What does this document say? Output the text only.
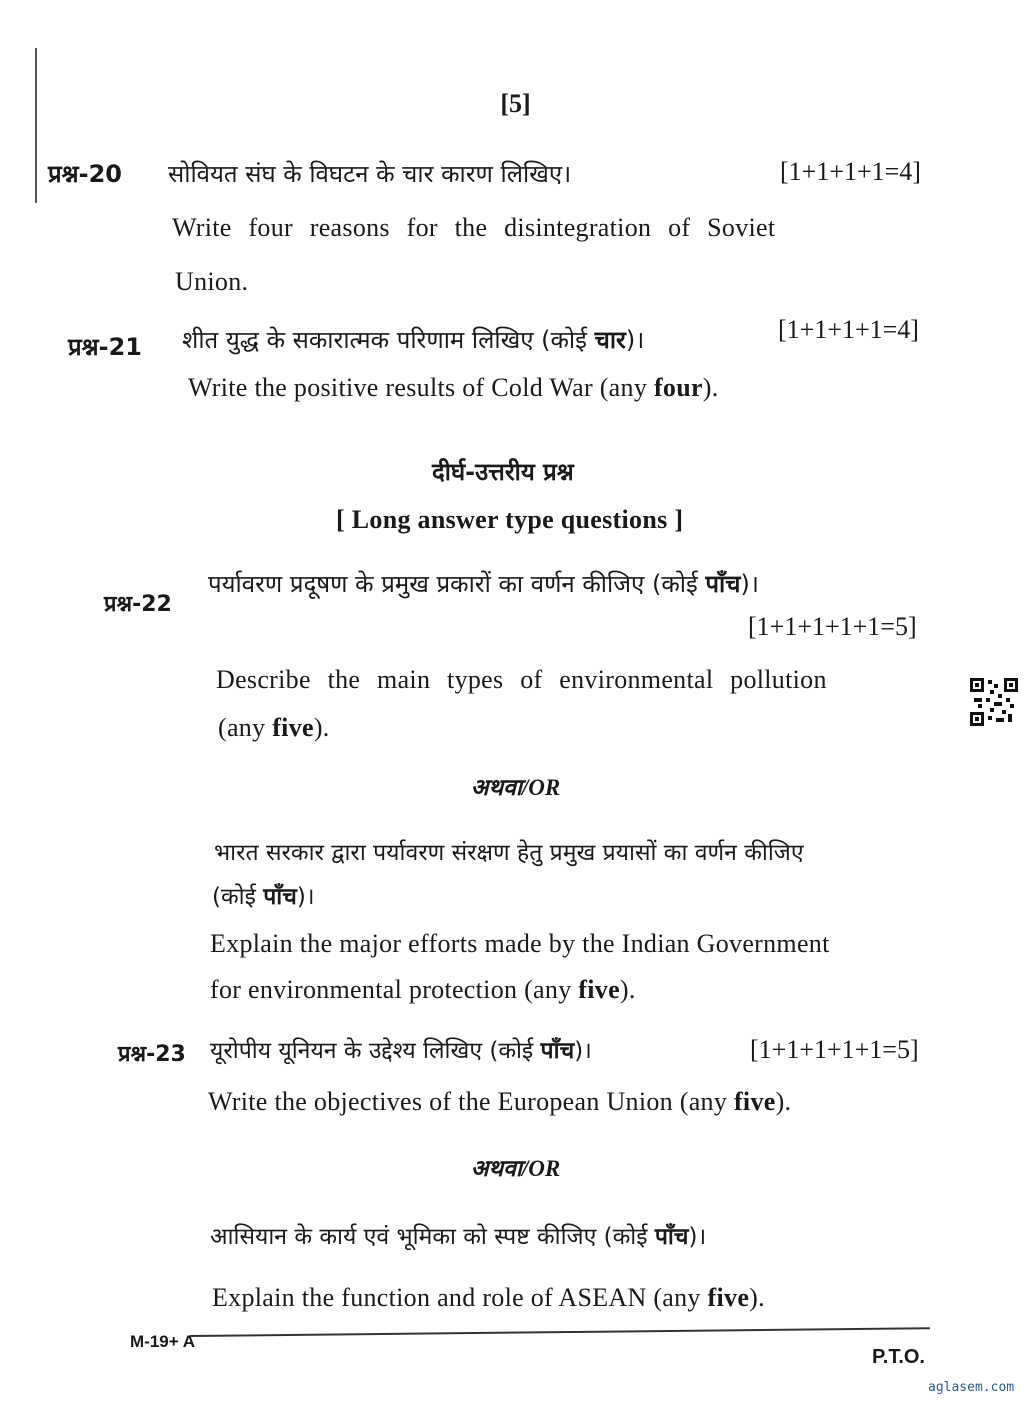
[5]
प्रश्न-20 सोवियत संघ के विघटन के चार कारण लिखिए।	[1+1+1+1=4]
Write four reasons for the disintegration of Soviet
Union.
प्रश्न-21 शीत युद्ध के सकारात्मक परिणाम लिखिए (कोई चार)।	[1+1+1+1=4]
Write the positive results of Cold War (any four).
दीर्घ-उत्तरीय प्रश्न
[ Long answer type questions ]
प्रश्न-22
पर्यावरण प्रदूषण के प्रमुख प्रकारों का वर्णन कीजिए (कोई पाँच)।
[1+1+1+1+1=5]
Describe the main types of environmental pollution
(any five).
अथवा/OR
भारत सरकार द्वारा पर्यावरण संरक्षण हेतु प्रमुख प्रयासों का वर्णन कीजिए
(कोई पाँच)।
Explain the major efforts made by the Indian Government
for environmental protection (any five).
प्रश्न-23 यूरोपीय यूनियन के उद्देश्य लिखिए (कोई पाँच)।	[1+1+1+1+1=5]
Write the objectives of the European Union (any five).
अथवा/OR
आसियान के कार्य एवं भूमिका को स्पष्ट कीजिए (कोई पाँच)।
Explain the function and role of ASEAN (any five).
M-19+ A
P.T.O.
aglasem.com
